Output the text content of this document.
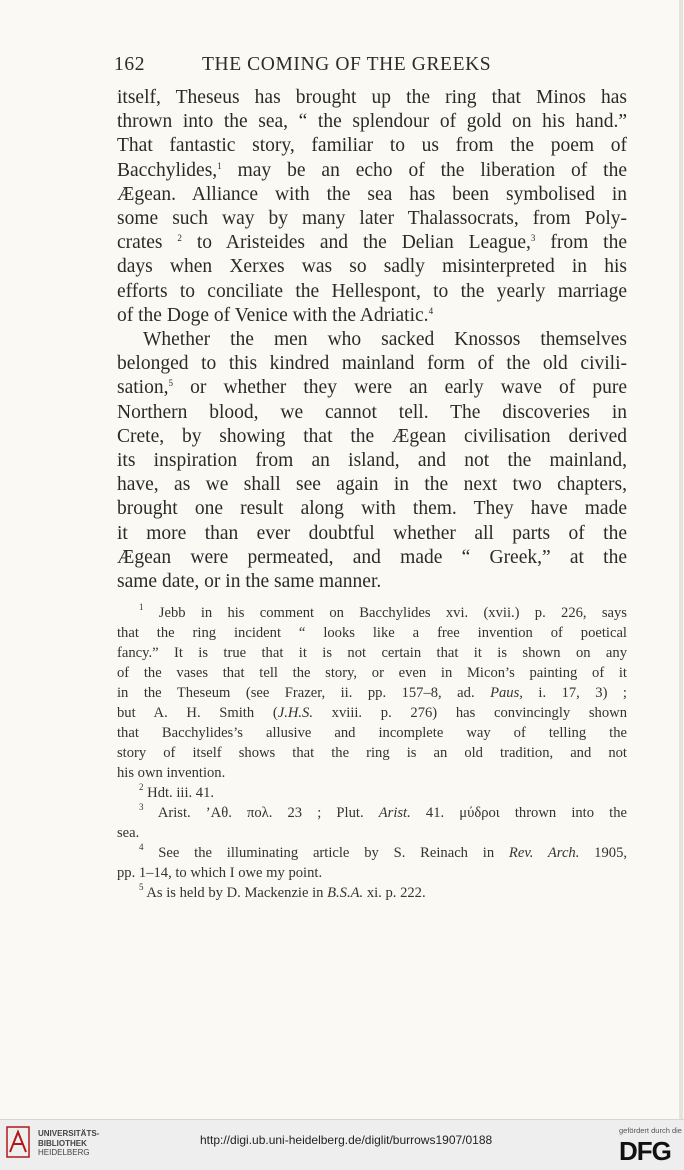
162	THE COMING OF THE GREEKS
itself, Theseus has brought up the ring that Minos has
thrown into the sea, “ the splendour of gold on his hand.”
That fantastic story, familiar to us from the poem of
Bacchylides,$^1$ may be an echo of the liberation of the
Ægean. Alliance with the sea has been symbolised in
some such way by many later Thalassocrats, from Poly-
crates $^2$ to Aristeides and the Delian League,$^3$ from the
days when Xerxes was so sadly misinterpreted in his
efforts to conciliate the Hellespont, to the yearly marriage
of the Doge of Venice with the Adriatic.$^4$
Whether the men who sacked Knossos themselves
belonged to this kindred mainland form of the old civili-
sation,$^5$ or whether they were an early wave of pure
Northern blood, we cannot tell. The discoveries in
Crete, by showing that the Ægean civilisation derived
its inspiration from an island, and not the mainland,
have, as we shall see again in the next two chapters,
brought one result along with them. They have made
it more than ever doubtful whether all parts of the
Ægean were permeated, and made “ Greek,” at the
same date, or in the same manner.
$^1$ Jebb in his comment on Bacchylides xvi. (xvii.) p. 226, says
that the ring incident “ looks like a free invention of poetical
fancy.” It is true that it is not certain that it is shown on any
of the vases that tell the story, or even in Micon’s painting of it
in the Theseum (see Frazer, ii. pp. 157–8, ad. Paus, i. 17, 3) ;
but A. H. Smith (J.H.S. xviii. p. 276) has convincingly shown
that Bacchylides’s allusive and incomplete way of telling the
story of itself shows that the ring is an old tradition, and not
his own invention.
$^2$ Hdt. iii. 41.
$^3$ Arist. ’Αθ. πολ. 23 ; Plut. Arist. 41. μύδροι thrown into the
sea.
$^4$ See the illuminating article by S. Reinach in Rev. Arch. 1905,
pp. 1–14, to which I owe my point.
$^5$ As is held by D. Mackenzie in B.S.A. xi. p. 222.
UNIVERSITÄTS-
BIBLIOTHEK
HEIDELBERG
http://digi.ub.uni-heidelberg.de/diglit/burrows1907/0188
gefördert durch die
DFG
